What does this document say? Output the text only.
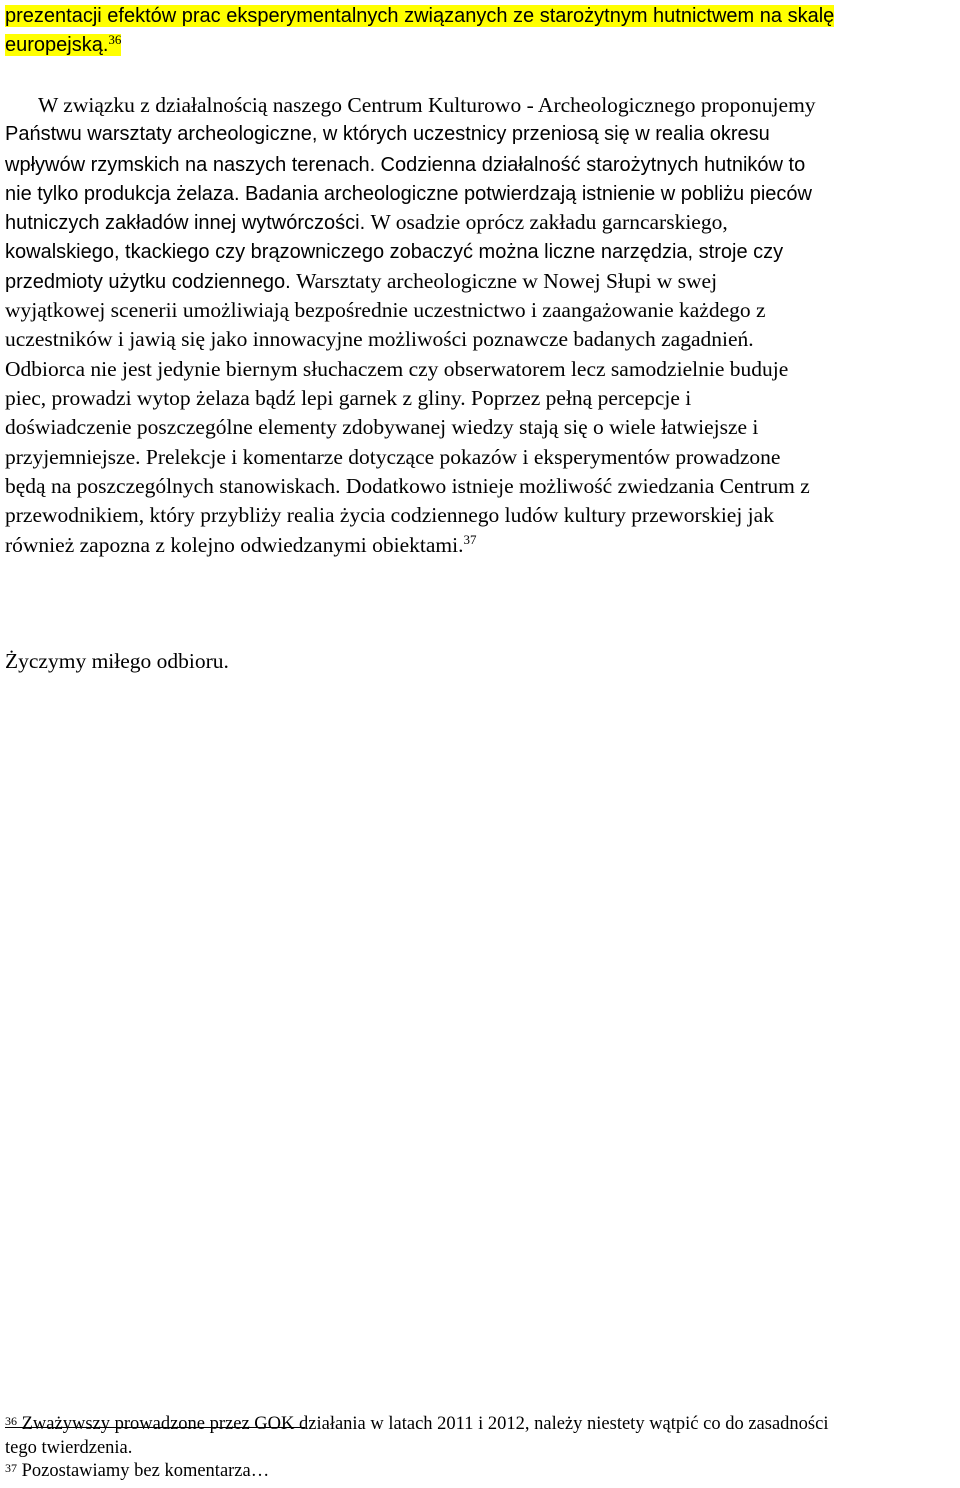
prezentacji efektów prac eksperymentalnych związanych ze starożytnym hutnictwem na skalę
europejską.$^{36}$
W związku z działalnością naszego Centrum Kulturowo - Archeologicznego proponujemy
Państwu warsztaty archeologiczne, w których uczestnicy przeniosą się w realia okresu
wpływów rzymskich na naszych terenach. Codzienna działalność starożytnych hutników to
nie tylko produkcja żelaza. Badania archeologiczne potwierdzają istnienie w pobliżu pieców
hutniczych zakładów innej wytwórczości. W osadzie oprócz zakładu garncarskiego,
kowalskiego, tkackiego czy brązowniczego zobaczyć można liczne narzędzia, stroje czy
przedmioty użytku codziennego. Warsztaty archeologiczne w Nowej Słupi w swej
wyjątkowej scenerii umożliwiają bezpośrednie uczestnictwo i zaangażowanie każdego z
uczestników i jawią się jako innowacyjne możliwości poznawcze badanych zagadnień.
Odbiorca nie jest jedynie biernym słuchaczem czy obserwatorem lecz samodzielnie buduje
piec, prowadzi wytop żelaza bądź lepi garnek z gliny. Poprzez pełną percepcje i
doświadczenie poszczególne elementy zdobywanej wiedzy stają się o wiele łatwiejsze i
przyjemniejsze. Prelekcje i komentarze dotyczące pokazów i eksperymentów prowadzone
będą na poszczególnych stanowiskach. Dodatkowo istnieje możliwość zwiedzania Centrum z
przewodnikiem, który przybliży realia życia codziennego ludów kultury przeworskiej jak
również zapozna z kolejno odwiedzanymi obiektami.$^{37}$
Życzymy miłego odbioru.
$^{36}$ Zważywszy prowadzone przez GOK działania w latach 2011 i 2012, należy niestety wątpić co do zasadności
tego twierdzenia.
$^{37}$ Pozostawiamy bez komentarza…
